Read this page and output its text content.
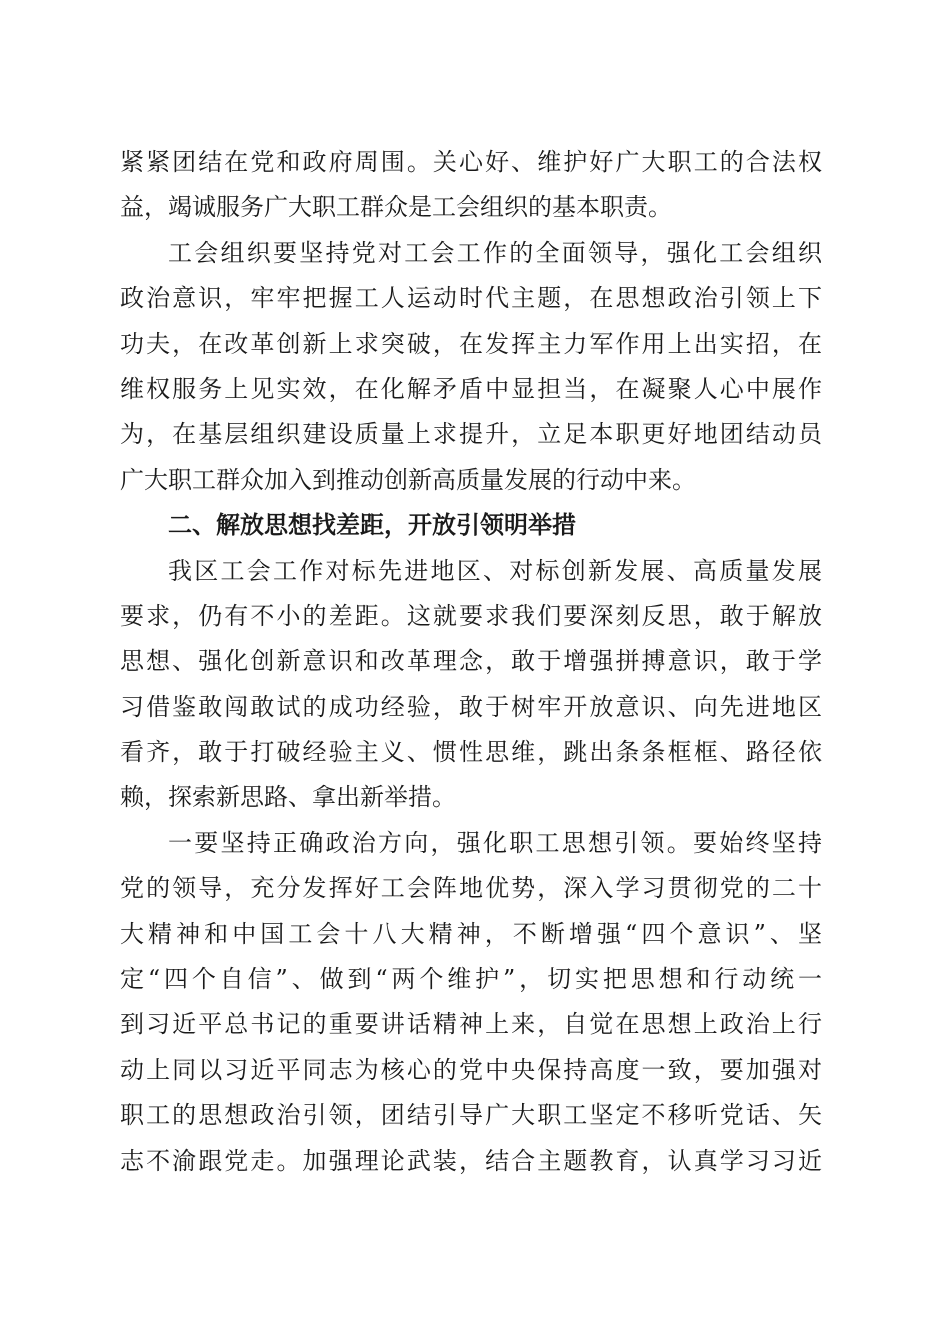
紧紧团结在党和政府周围。关心好、维护好广大职工的合法权
益，竭诚服务广大职工群众是工会组织的基本职责。
工会组织要坚持党对工会工作的全面领导，强化工会组织
政治意识，牢牢把握工人运动时代主题，在思想政治引领上下
功夫，在改革创新上求突破，在发挥主力军作用上出实招，在
维权服务上见实效，在化解矛盾中显担当，在凝聚人心中展作
为，在基层组织建设质量上求提升，立足本职更好地团结动员
广大职工群众加入到推动创新高质量发展的行动中来。
二、解放思想找差距，开放引领明举措
我区工会工作对标先进地区、对标创新发展、高质量发展
要求，仍有不小的差距。这就要求我们要深刻反思，敢于解放
思想、强化创新意识和改革理念，敢于增强拼搏意识，敢于学
习借鉴敢闯敢试的成功经验，敢于树牢开放意识、向先进地区
看齐，敢于打破经验主义、惯性思维，跳出条条框框、路径依
赖，探索新思路、拿出新举措。
一要坚持正确政治方向，强化职工思想引领。要始终坚持
党的领导，充分发挥好工会阵地优势，深入学习贯彻党的二十
大精神和中国工会十八大精神，不断增强“四个意识”、坚
定“四个自信”、做到“两个维护”，切实把思想和行动统一
到习近平总书记的重要讲话精神上来，自觉在思想上政治上行
动上同以习近平同志为核心的党中央保持高度一致，要加强对
职工的思想政治引领，团结引导广大职工坚定不移听党话、矢
志不渝跟党走。加强理论武装，结合主题教育，认真学习习近
